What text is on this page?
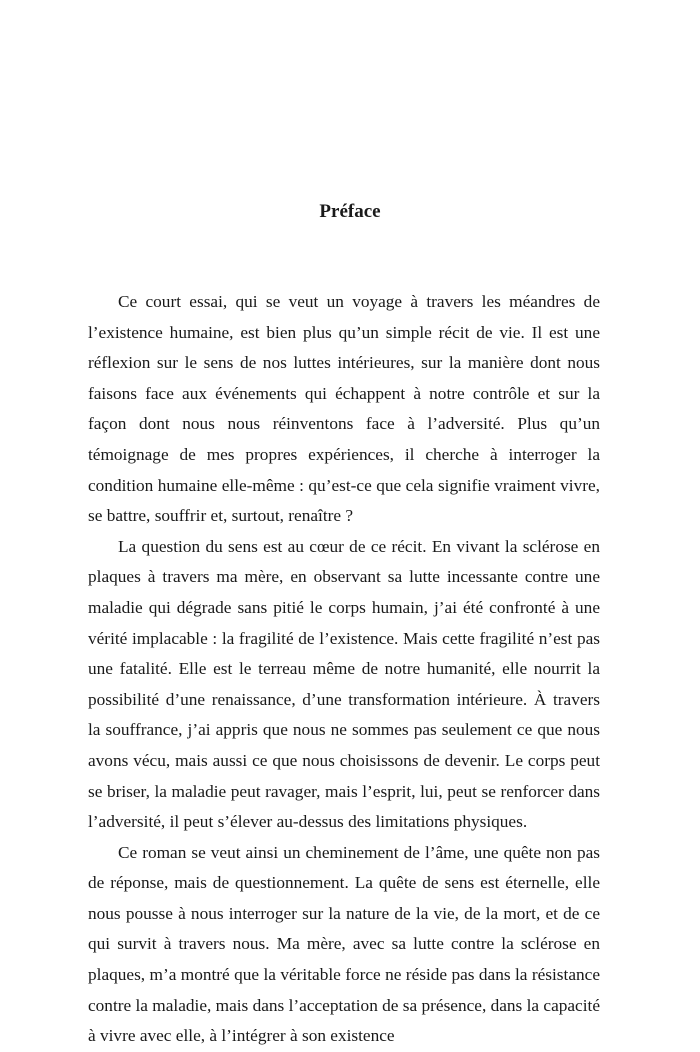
Préface

Ce court essai, qui se veut un voyage à travers les méandres de l’existence humaine, est bien plus qu’un simple récit de vie. Il est une réflexion sur le sens de nos luttes intérieures, sur la manière dont nous faisons face aux événements qui échappent à notre contrôle et sur la façon dont nous nous réinventons face à l’adversité. Plus qu’un témoignage de mes propres expériences, il cherche à interroger la condition humaine elle-même : qu’est-ce que cela signifie vraiment vivre, se battre, souffrir et, surtout, renaître ?

La question du sens est au cœur de ce récit. En vivant la sclérose en plaques à travers ma mère, en observant sa lutte incessante contre une maladie qui dégrade sans pitié le corps humain, j’ai été confronté à une vérité implacable : la fragilité de l’existence. Mais cette fragilité n’est pas une fatalité. Elle est le terreau même de notre humanité, elle nourrit la possibilité d’une renaissance, d’une transformation intérieure. À travers la souffrance, j’ai appris que nous ne sommes pas seulement ce que nous avons vécu, mais aussi ce que nous choisissons de devenir. Le corps peut se briser, la maladie peut ravager, mais l’esprit, lui, peut se renforcer dans l’adversité, il peut s’élever au-dessus des limitations physiques.

Ce roman se veut ainsi un cheminement de l’âme, une quête non pas de réponse, mais de questionnement. La quête de sens est éternelle, elle nous pousse à nous interroger sur la nature de la vie, de la mort, et de ce qui survit à travers nous. Ma mère, avec sa lutte contre la sclérose en plaques, m’a montré que la véritable force ne réside pas dans la résistance contre la maladie, mais dans l’acceptation de sa présence, dans la capacité à vivre avec elle, à l’intégrer à son existence
